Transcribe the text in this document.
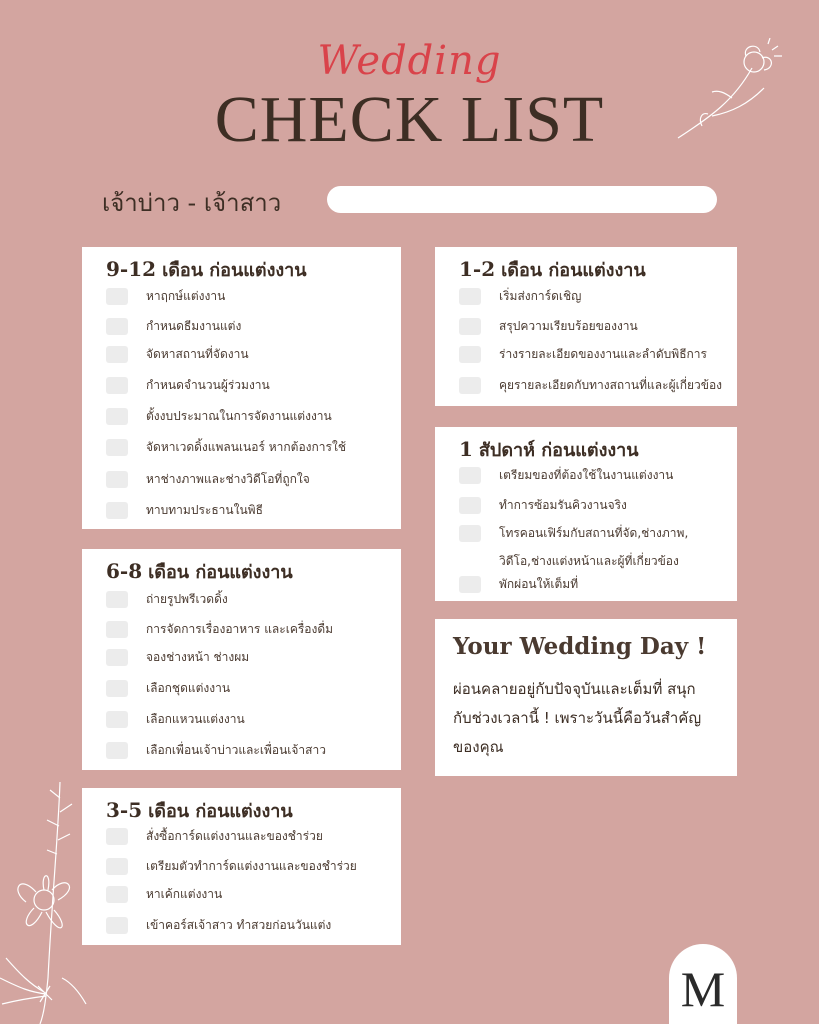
Wedding
CHECK LIST
เจ้าบ่าว - เจ้าสาว
9-12 เดือน ก่อนแต่งงาน
หาฤกษ์แต่งงาน
กำหนดธีมงานแต่ง
จัดหาสถานที่จัดงาน
กำหนดจำนวนผู้ร่วมงาน
ตั้งงบประมาณในการจัดงานแต่งงาน
จัดหาเวดดิ้งแพลนเนอร์ หากต้องการใช้
หาช่างภาพและช่างวิดีโอที่ถูกใจ
ทาบทามประธานในพิธี
6-8 เดือน ก่อนแต่งงาน
ถ่ายรูปพรีเวดดิ้ง
การจัดการเรื่องอาหาร และเครื่องดื่ม
จองช่างหน้า ช่างผม
เลือกชุดแต่งงาน
เลือกแหวนแต่งงาน
เลือกเพื่อนเจ้าบ่าวและเพื่อนเจ้าสาว
3-5 เดือน ก่อนแต่งงาน
สั่งซื้อการ์ดแต่งงานและของชำร่วย
เตรียมตัวทำการ์ดแต่งงานและของชำร่วย
หาเค้กแต่งงาน
เข้าคอร์สเจ้าสาว ทำสวยก่อนวันแต่ง
1-2 เดือน ก่อนแต่งงาน
เริ่มส่งการ์ดเชิญ
สรุปความเรียบร้อยของงาน
ร่างรายละเอียดของงานและลำดับพิธีการ
คุยรายละเอียดกับทางสถานที่และผู้เกี่ยวข้อง
1 สัปดาห์ ก่อนแต่งงาน
เตรียมของที่ต้องใช้ในงานแต่งงาน
ทำการซ้อมรันคิวงานจริง
โทรคอนเฟิร์มกับสถานที่จัด,ช่างภาพ, วิดีโอ,ช่างแต่งหน้าและผู้ที่เกี่ยวข้อง
พักผ่อนให้เต็มที่
Your Wedding Day !
ผ่อนคลายอยู่กับปัจจุบันและเต็มที่ สนุกกับช่วงเวลานี้ ! เพราะวันนี้คือวันสำคัญของคุณ
M
